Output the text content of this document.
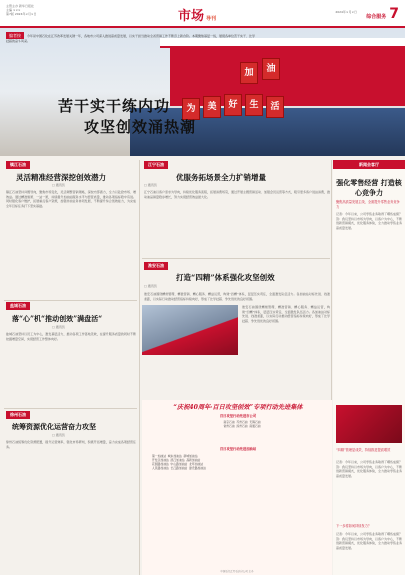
主管主办 新华日报社
主编 ×××
第7版 2024年×月×日	市场 导刊
2024年×月×日
综合服务 7
编者按 今年是中国石化在江苏改革发展关键一年，各地市公司深入推进高质量发展，以实干担当推动全省营销工作不断迈上新台阶。本期聚焦基层一线，展现各单位苦干实干、比学赶超的奋斗风采。
为	美	好	生	活
加	油
苦干实干练内功
攻坚创效涌热潮
镇江石油
灵活精准经营深挖创效潜力
□ 通讯员
镇江石油坚持问题导向，聚焦市场变化，灵活调整营销策略，深挖内部潜力，全力以赴抢市场、增效益。通过精准施策、一站一策，持续提升加油站服务水平与经营质量，推动各项指标稳中有进。同时强化客户维护，拓展重点客户资源，加强非油业务协同发展，不断提升综合创效能力，为完成全年目标任务打下坚实基础。
盐城石油
落“心”机“推动创效”满盘活“
□ 通讯员
盐城石油坚持以员工为中心，激发基层活力，推动各项工作落地见效，在提升服务质量的同时不断挖掘增量空间，实现经营工作整体向好。
徐州石油
统筹资源优化运营奋力攻坚
□ 通讯员
徐州石油统筹优化资源配置，提升运营效率，强化市场研判，积极开拓增量，奋力完成各项经营任务。
江宁石油
优服务拓场景全力扩销增量
□ 通讯员
江宁石油以客户需求为导向，持续优化服务流程，拓展消费场景，通过开展主题营销活动、加强会员运营等方式，吸引更多客户进站消费，推动油品销量稳步增长，努力实现经营效益最大化。
淮安石油
打造“四精”体系强化攻坚创效
□ 通讯员
淮安石油围绕精细管理、精准营销、精心服务、精益运营，构建“四精”体系，层层压实责任，全面激发队伍活力。各加油站对标先进、找准差距，以实际行动推动经营指标持续向好，形成了比学赶超、争先创优的良好氛围。
淮安石油围绕精细管理、精准营销、精心服务、精益运营，构建“四精”体系，层层压实责任，全面激发队伍活力。各加油站对标先进、找准差距，以实际行动推动经营指标持续向好，形成了比学赶超、争先创优的良好氛围。
“庆祝40周年·百日攻坚创效”专项行动先进集体
百日攻坚行动先进市公司
南京石油  苏州石油  无锡石油
常州石油  扬州石油  南通石油
百日攻坚行动先进加油站
第一加油站  城东加油站  新城加油站
开发区加油站  滨江加油站  高新加油站
花园路加油站  中山路加油站  北环加油站
人民路加油站  长江路加油站  建设路加油站
中国石化江苏石油分公司 主办
新闻会客厅
强化零售经营 打造核心竞争力
聚焦高质量发展主线，全面提升零售业务竞争力
记者：今年以来，公司零售业务取得了哪些成绩？答：我们坚持以市场为导向，以客户为中心，不断创新营销模式，优化服务体验，全力推动零售业务高质量发展。
“四精”管理显成效，持续推进提质增效
记者：今年以来，公司零售业务取得了哪些成绩？答：我们坚持以市场为导向，以客户为中心，不断创新营销模式，优化服务体验，全力推动零售业务高质量发展。
下一步将如何持续发力？
记者：今年以来，公司零售业务取得了哪些成绩？答：我们坚持以市场为导向，以客户为中心，不断创新营销模式，优化服务体验，全力推动零售业务高质量发展。
